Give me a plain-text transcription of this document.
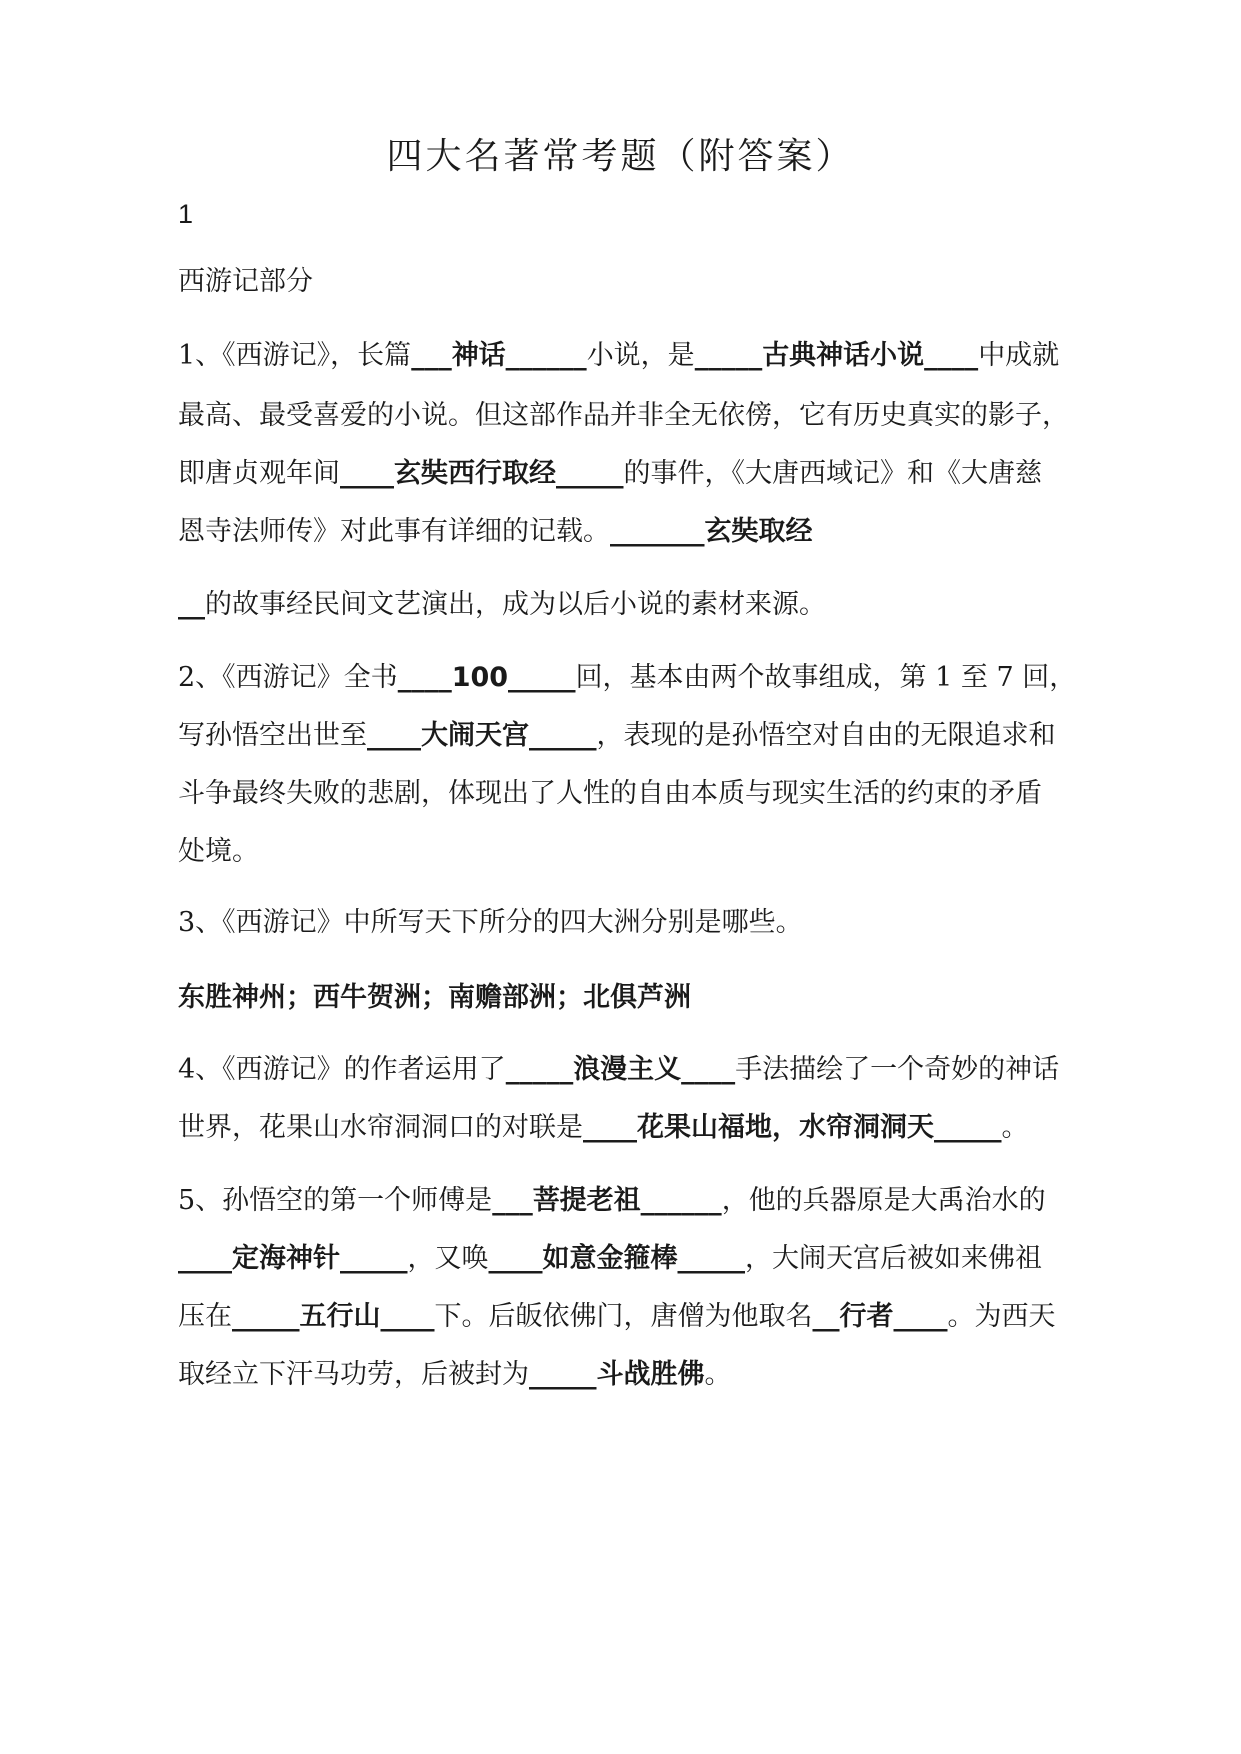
四大名著常考题（附答案）
1
西游记部分
1、《西游记》，长篇___神话______小说，是_____古典神话小说____中成就
最高、最受喜爱的小说。但这部作品并非全无依傍，它有历史真实的影子，
即唐贞观年间____玄奘西行取经_____的事件，《大唐西域记》和《大唐慈
恩寺法师传》对此事有详细的记载。_______玄奘取经
__的故事经民间文艺演出，成为以后小说的素材来源。
2、《西游记》全书____100_____回，基本由两个故事组成，第 1 至 7 回，
写孙悟空出世至____大闹天宫_____，表现的是孙悟空对自由的无限追求和
斗争最终失败的悲剧，体现出了人性的自由本质与现实生活的约束的矛盾
处境。
3、《西游记》中所写天下所分的四大洲分别是哪些。
东胜神州；西牛贺洲；南赡部洲；北俱芦洲
4、《西游记》的作者运用了_____浪漫主义____手法描绘了一个奇妙的神话
世界，花果山水帘洞洞口的对联是____花果山福地，水帘洞洞天_____。
5、孙悟空的第一个师傅是___菩提老祖______，他的兵器原是大禹治水的
____定海神针_____，又唤____如意金箍棒_____，大闹天宫后被如来佛祖
压在_____五行山____下。后皈依佛门，唐僧为他取名__行者____。为西天
取经立下汗马功劳，后被封为_____斗战胜佛。
